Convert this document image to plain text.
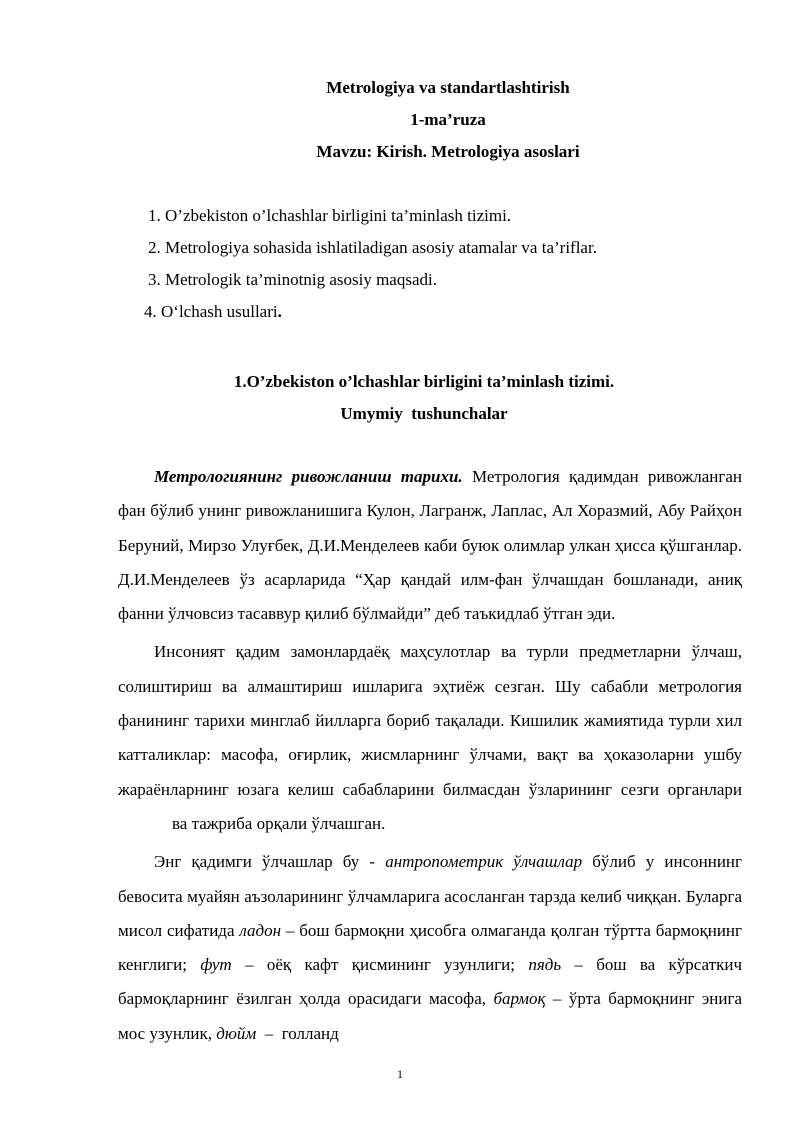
Metrologiya va standartlashtirish
1-ma’ruza
Mavzu: Kirish. Metrologiya asoslari
1. O’zbekiston o’lchashlar birligini ta’minlash tizimi.
2. Metrologiya sohasida ishlatiladigan asosiy atamalar va ta’riflar.
3. Metrologik ta’minotnig asosiy maqsadi.
4. O‘lchash usullari.
1.O’zbekiston o’lchashlar birligini ta’minlash tizimi.
Umymiy  tushunchalar

Метрологиянинг ривожланиш тарихи. Метрология қадимдан ривожланган фан бўлиб унинг ривожланишига Кулон, Лагранж, Лаплас, Ал Хоразмий, Абу Райҳон Беруний, Мирзо Улуғбек, Д.И.Менделеев каби буюк олимлар улкан ҳисса қўшганлар. Д.И.Менделеев ўз асарларида “Ҳар қандай илм-фан ўлчашдан бошланади, аниқ фанни ўлчовсиз тасаввур қилиб бўлмайди” деб таъкидлаб ўтган эди.

Инсоният қадим замонлардаёқ маҳсулотлар ва турли предметларни ўлчаш, солиштириш ва алмаштириш ишларига эҳтиёж сезган. Шу сабабли метрология фанининг тарихи минглаб йилларга бориб тақалади. Кишилик жамиятида турли хил катталиклар: масофа, оғирлик, жисмларнинг ўлчами, вақт ва ҳоказоларни ушбу жараёнларнинг юзага келиш сабабларини билмасдан ўзларининг сезги органларива тажриба орқали ўлчашган.

Энг қадимги ўлчашлар бу - антропометрик ўлчашлар бўлиб у инсоннинг бевосита муайян аъзоларининг ўлчамларига асосланган тарзда келиб чиққан. Буларга мисол сифатида ладон – бош бармоқни ҳисобга олмаганда қолган тўртта бармоқнинг кенглиги; фут – оёқ кафт қисмининг узунлиги; пядь – бош ва кўрсаткич бармоқларнинг ёзилган ҳолда орасидаги масофа, бармоқ – ўрта бармоқнинг энига мос узунлик, дюйм  –  голланд

1
